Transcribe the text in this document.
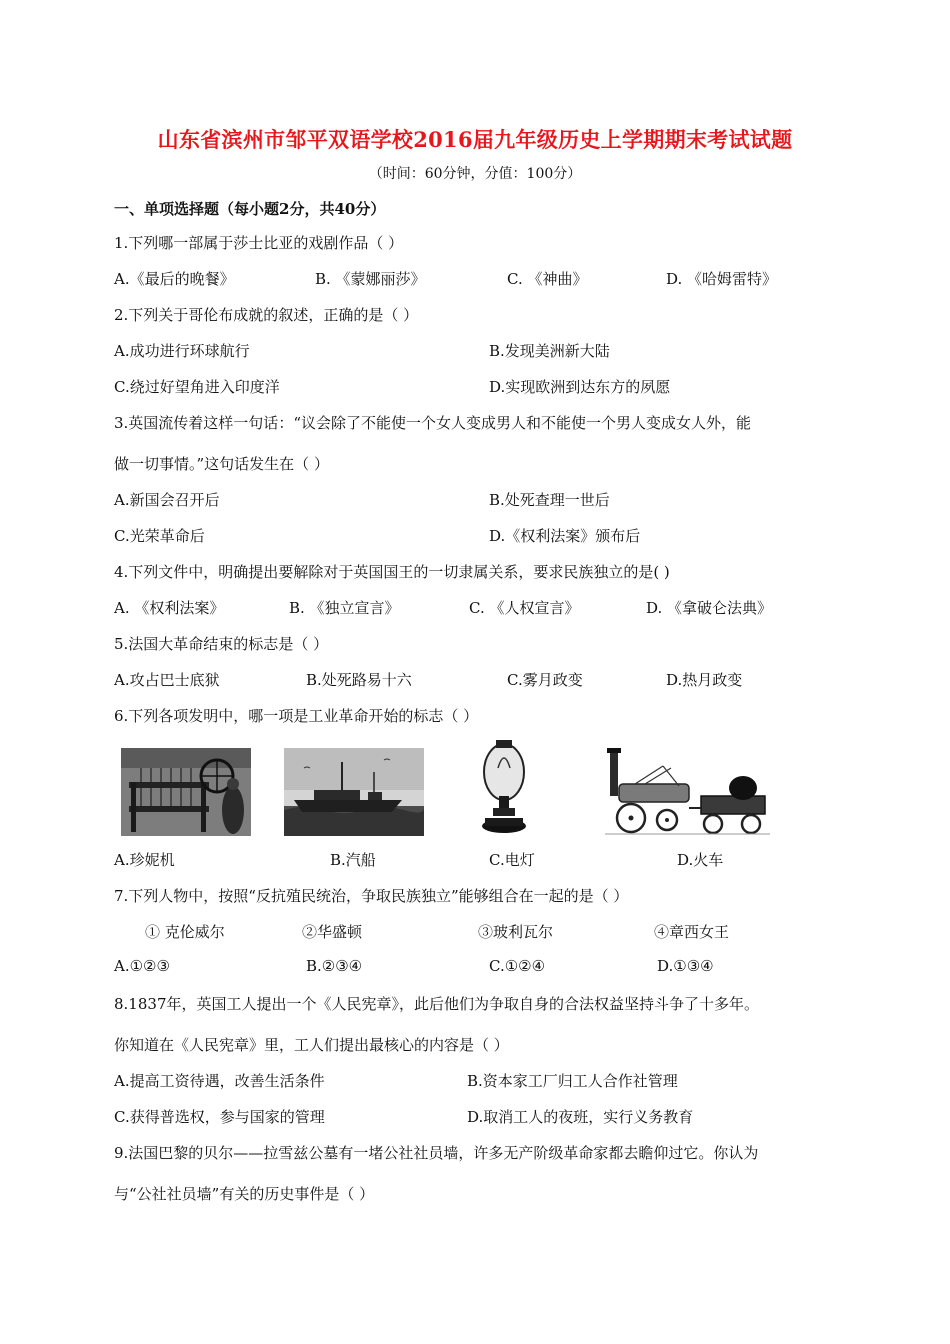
山东省滨州市邹平双语学校2016届九年级历史上学期期末考试试题
（时间：60分钟，分值：100分）
一、单项选择题（每小题2分，共40分）
1.下列哪一部属于莎士比亚的戏剧作品（ ）
A.《最后的晚餐》	B. 《蒙娜丽莎》	C. 《神曲》	D. 《哈姆雷特》
2.下列关于哥伦布成就的叙述，正确的是（ ）
A.成功进行环球航行	B.发现美洲新大陆
C.绕过好望角进入印度洋	D.实现欧洲到达东方的夙愿
3.英国流传着这样一句话：“议会除了不能使一个女人变成男人和不能使一个男人变成女人外，能
做一切事情。”这句话发生在（ ）
A.新国会召开后	B.处死查理一世后
C.光荣革命后	D.《权利法案》颁布后
4.下列文件中，明确提出要解除对于英国国王的一切隶属关系，要求民族独立的是( )
A. 《权利法案》	B. 《独立宣言》	C. 《人权宣言》	D. 《拿破仑法典》
5.法国大革命结束的标志是（ ）
A.攻占巴士底狱	B.处死路易十六	C.雾月政变	D.热月政变
6.下列各项发明中，哪一项是工业革命开始的标志（ ）
A.珍妮机	B.汽船	C.电灯	D.火车
7.下列人物中，按照“反抗殖民统治，争取民族独立”能够组合在一起的是（ ）
① 克伦威尔	②华盛顿	③玻利瓦尔	④章西女王
A.①②③	B.②③④	C.①②④	D.①③④
8.1837年，英国工人提出一个《人民宪章》，此后他们为争取自身的合法权益坚持斗争了十多年。
你知道在《人民宪章》里，工人们提出最核心的内容是（ ）
A.提高工资待遇，改善生活条件	B.资本家工厂归工人合作社管理
C.获得普选权，参与国家的管理	D.取消工人的夜班，实行义务教育
9.法国巴黎的贝尔——拉雪兹公墓有一堵公社社员墙，许多无产阶级革命家都去瞻仰过它。你认为
与“公社社员墙”有关的历史事件是（ ）
